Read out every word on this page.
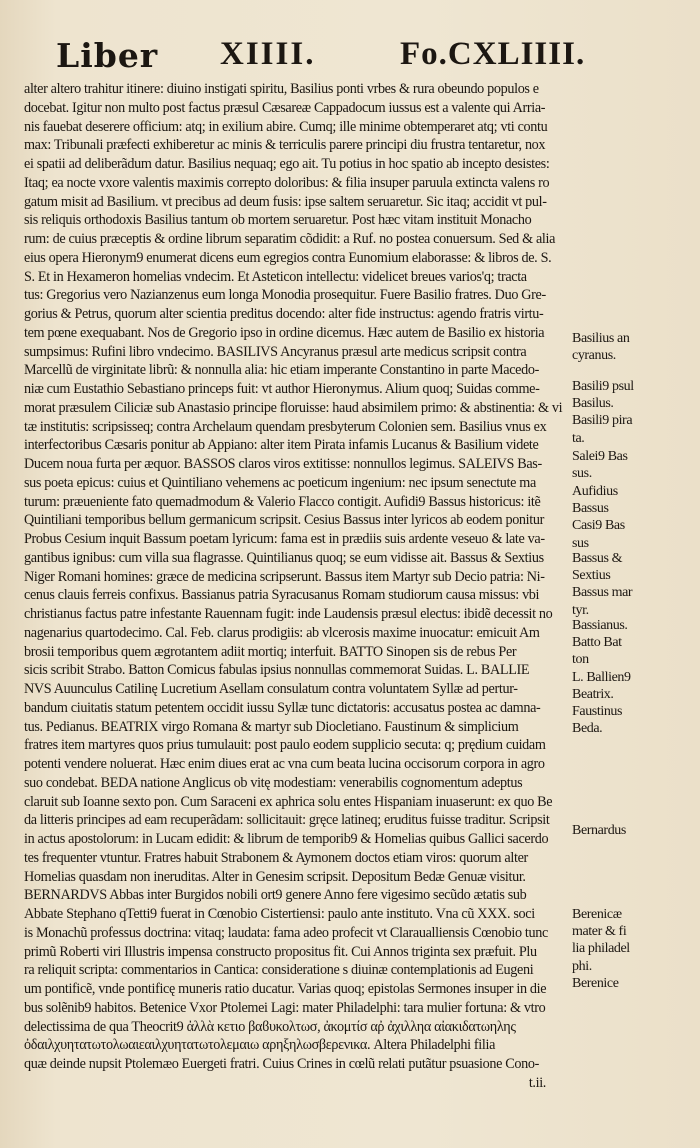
Liber XIIII.	Fo.CXLIIII.
alter altero trahitur itinere: diuino instigati spiritu, Basilius ponti vrbes & rura obeundo populos e
docebat. Igitur non multo post factus præsul Cæsareæ Cappadocum iussus est a valente qui Arria-
nis fauebat deserere officium: atq; in exilium abire. Cumq; ille minime obtemperaret atq; vti contu
max: Tribunali præfecti exhiberetur ac minis & terriculis parere principi diu frustra tentaretur, nox
ei spatii ad deliberãdum datur. Basilius nequaq; ego ait. Tu potius in hoc spatio ab incepto desistes:
Itaq; ea nocte vxore valentis maximis correpto doloribus: & filia insuper paruula extincta valens ro
gatum misit ad Basilium. vt precibus ad deum fusis: ipse saltem seruaretur. Sic itaq; accidit vt pul-
sis reliquis orthodoxis Basilius tantum ob mortem seruaretur. Post hæc vitam instituit Monacho
rum: de cuius præceptis & ordine librum separatim cõdidit: a Ruf. no postea conuersum. Sed & alia
eius opera Hieronym9 enumerat dicens eum egregios contra Eunomium elaborasse: & libros de. S.
S. Et in Hexameron homelias vndecim. Et Asteticon intellectu: videlicet breues varios'q; tracta
tus: Gregorius vero Nazianzenus eum longa Monodia prosequitur. Fuere Basilio fratres. Duo Gre-
gorius & Petrus, quorum alter scientia preditus docendo: alter fide instructus: agendo fratris virtu-
tem pœne exequabant. Nos de Gregorio ipso in ordine dicemus. Hæc autem de Basilio ex historia
sumpsimus: Rufini libro vndecimo. BASILIVS Ancyranus præsul arte medicus scripsit contra
Marcellũ de virginitate librũ: & nonnulla alia: hic etiam imperante Constantino in parte Macedo-
niæ cum Eustathio Sebastiano princeps fuit: vt author Hieronymus. Alium quoq; Suidas comme-
morat præsulem Ciliciæ sub Anastasio principe floruisse: haud absimilem primo: & abstinentia: & vi
tæ institutis: scripsisseq; contra Archelaum quendam presbyterum Colonien sem. Basilius vnus ex
interfectoribus Cæsaris ponitur ab Appiano: alter item Pirata infamis Lucanus & Basilium videte
Ducem noua furta per æquor. BASSOS claros viros extitisse: nonnullos legimus. SALEIVS Bas-
sus poeta epicus: cuius et Quintiliano vehemens ac poeticum ingenium: nec ipsum senectute ma
turum: præueniente fato quemadmodum & Valerio Flacco contigit. Aufidi9 Bassus historicus: itẽ
Quintiliani temporibus bellum germanicum scripsit. Cesius Bassus inter lyricos ab eodem ponitur
Probus Cesium inquit Bassum poetam lyricum: fama est in prædiis suis ardente veseuo & late va-
gantibus ignibus: cum villa sua flagrasse. Quintilianus quoq; se eum vidisse ait. Bassus & Sextius
Niger Romani homines: græce de medicina scripserunt. Bassus item Martyr sub Decio patria: Ni-
cenus clauis ferreis confixus. Bassianus patria Syracusanus Romam studiorum causa missus: vbi
christianus factus patre infestante Rauennam fugit: inde Laudensis præsul electus: ibidẽ decessit no
nagenarius quartodecimo. Cal. Feb. clarus prodigiis: ab vlcerosis maxime inuocatur: emicuit Am
brosii temporibus quem ægrotantem adiit mortiq; interfuit. BATTO Sinopen sis de rebus Per
sicis scribit Strabo. Batton Comicus fabulas ipsius nonnullas commemorat Suidas. L. BALLIE
NVS Auunculus Catilinę Lucretium Asellam consulatum contra voluntatem Syllæ ad pertur-
bandum ciuitatis statum petentem occidit iussu Syllæ tunc dictatoris: accusatus postea ac damna-
tus. Pedianus. BEATRIX virgo Romana & martyr sub Diocletiano. Faustinum & simplicium
fratres item martyres quos prius tumulauit: post paulo eodem supplicio secuta: q; prędium cuidam
potenti vendere noluerat. Hæc enim diues erat ac vna cum beata lucina occisorum corpora in agro
suo condebat. BEDA natione Anglicus ob vitę modestiam: venerabilis cognomentum adeptus
claruit sub Ioanne sexto pon. Cum Saraceni ex aphrica solu entes Hispaniam inuaserunt: ex quo Be
da litteris principes ad eam recuperãdam: sollicitauit: gręce latineq; eruditus fuisse traditur. Scripsit
in actus apostolorum: in Lucam edidit: & librum de temporib9 & Homelias quibus Gallici sacerdo
tes frequenter vtuntur. Fratres habuit Strabonem & Aymonem doctos etiam viros: quorum alter
Homelias quasdam non ineruditas. Alter in Genesim scripsit. Depositum Bedæ Genuæ visitur.
BERNARDVS Abbas inter Burgidos nobili ort9 genere Anno fere vigesimo secũdo ætatis sub
Abbate Stephano qTetti9 fuerat in Cœnobio Cistertiensi: paulo ante instituto. Vna cũ XXX. soci
is Monachũ professus doctrina: vitaq; laudata: fama adeo profecit vt Claraualliensis Cœnobio tunc
primũ Roberti viri Illustris impensa constructo propositus fit. Cui Annos triginta sex præfuit. Plu
ra reliquit scripta: commentarios in Cantica: consideratione s diuinæ contemplationis ad Eugeni
um pontificẽ, vnde pontificę muneris ratio ducatur. Varias quoq; epistolas Sermones insuper in die
bus solẽnib9 habitos. Betenice Vxor Ptolemei Lagi: mater Philadelphi: tara mulier fortuna: & vtro
delectissima de qua Theocrit9 ἀλλὰ κετιο βαϐυκολτωσ, ἀκομτίσ αῤ ἀχιλληα αἰακιδατωηλης
ὀδαιλχυητατωτολωαιεαιλχυητατωτολεμαιω αρηξηλωσβερενικα. Altera Philadelphi filia
quæ deinde nupsit Ptolemæo Euergeti fratri. Cuius Crines in cœlũ relati putãtur psuasione Cono-
t.ii.
Basilius an
cyranus.
Basili9 psul
Basilus.
Basili9 pira
ta.
Salei9 Bas
sus.
Aufidius
Bassus
Casi9 Bas
sus
Bassus &
Sextius
Bassus mar
tyr.
Bassianus.
Batto Bat
ton
L. Ballien9
Beatrix.
Faustinus
Beda.
Bernardus
Berenicæ
mater & fi
lia philadel
phi.
Berenice
